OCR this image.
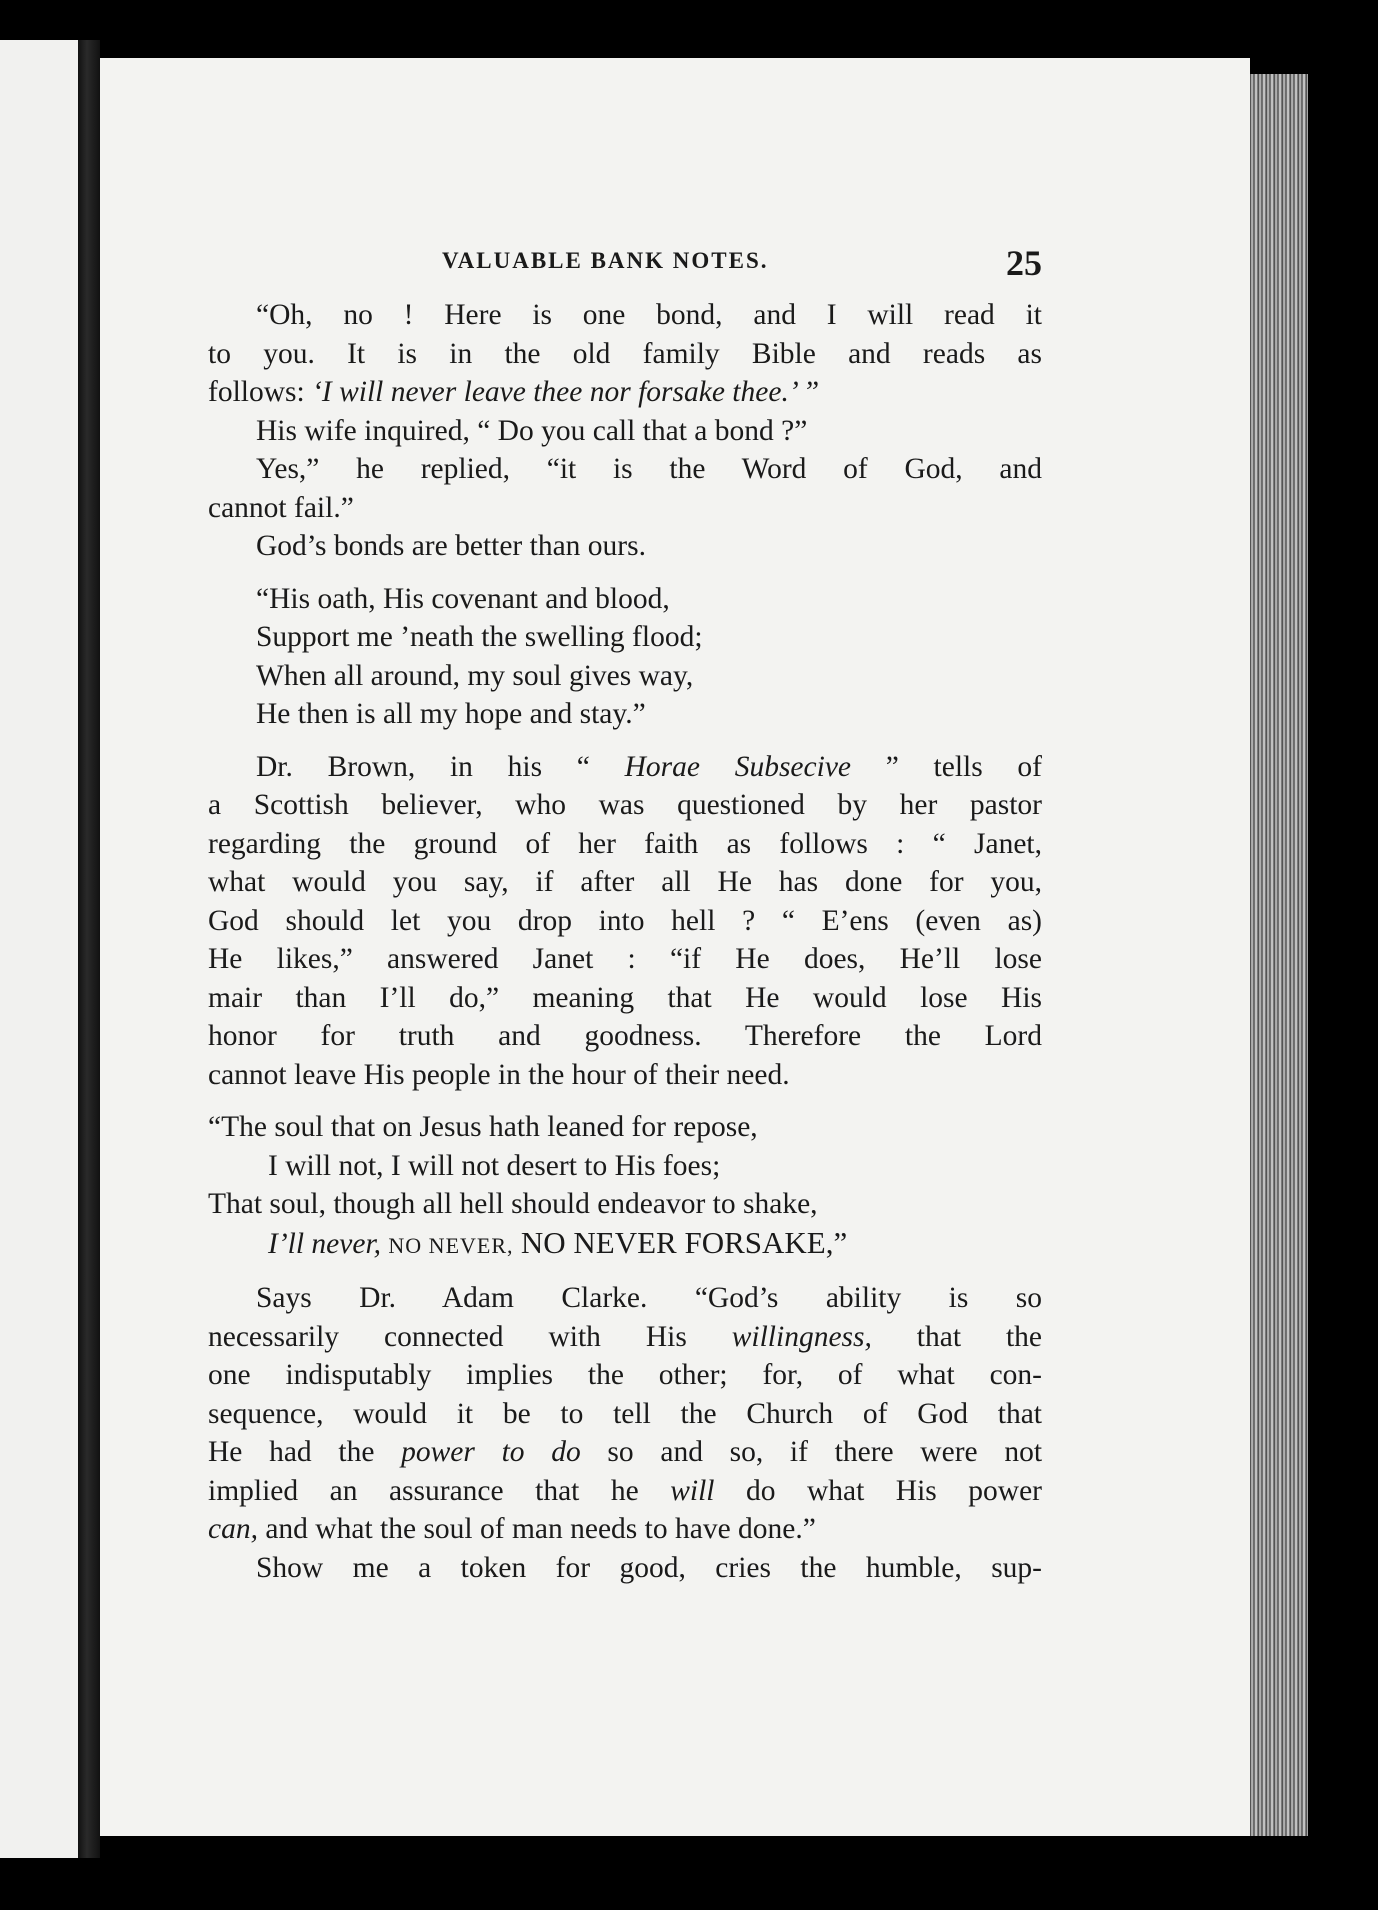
VALUABLE BANK NOTES.	25
“Oh, no ! Here is one bond, and I will read it
to you. It is in the old family Bible and reads as
follows: ‘I will never leave thee nor forsake thee.’ ”
His wife inquired, “ Do you call that a bond ?”
Yes,” he replied, “it is the Word of God, and
cannot fail.”
God’s bonds are better than ours.
“His oath, His covenant and blood,
Support me ’neath the swelling flood;
When all around, my soul gives way,
He then is all my hope and stay.”
Dr. Brown, in his “ Horae Subsecive ” tells of
a Scottish believer, who was questioned by her pastor
regarding the ground of her faith as follows : “ Janet,
what would you say, if after all He has done for you,
God should let you drop into hell ? “ E’ens (even as)
He likes,” answered Janet : “if He does, He’ll lose
mair than I’ll do,” meaning that He would lose His
honor for truth and goodness. Therefore the Lord
cannot leave His people in the hour of their need.
“The soul that on Jesus hath leaned for repose,
I will not, I will not desert to His foes;
That soul, though all hell should endeavor to shake,
I’ll never, NO NEVER, NO NEVER FORSAKE,”
Says Dr. Adam Clarke. “God’s ability is so
necessarily connected with His willingness, that the
one indisputably implies the other; for, of what con-
sequence, would it be to tell the Church of God that
He had the power to do so and so, if there were not
implied an assurance that he will do what His power
can, and what the soul of man needs to have done.”
Show me a token for good, cries the humble, sup-
